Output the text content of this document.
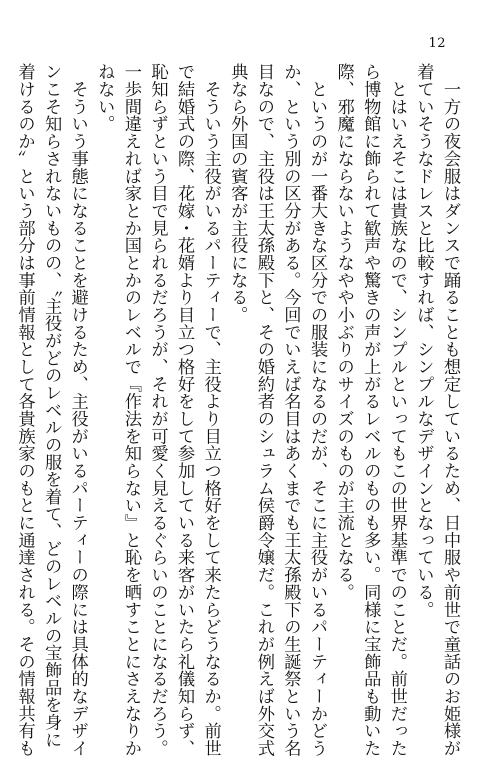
12
　一方の夜会服はダンスで踊ることも想定しているため、日中服や前世で童話のお姫様が
着ていそうなドレスと比較すれば、シンプルなデザインとなっている。
　とはいえそこは貴族なので、シンプルといってもこの世界基準でのことだ。前世だった
ら博物館に飾られて歓声や驚きの声が上がるレベルのものも多い。同様に宝飾品も動いた
際、邪魔にならないようなやや小ぶりのサイズのものが主流となる。
　というのが一番大きな区分での服装になるのだが、そこに主役がいるパーティーかどう
か、という別の区分がある。今回でいえば名目はあくまでも王太孫殿下の生誕祭という名
目なので、主役は王太孫殿下と、その婚約者のシュラム侯爵令嬢だ。これが例えば外交式
典なら外国の賓客が主役になる。
　そういう主役がいるパーティーで、主役より目立つ格好をして来たらどうなるか。前世
で結婚式の際、花嫁・花婿より目立つ格好をして参加している来客がいたら礼儀知らず、
恥知らずという目で見られるだろうが、それが可愛く見えるぐらいのことになるだろう。
一歩間違えれば家とか国とかのレベルで『作法を知らない』と恥を晒すことにさえなりか
ねない。
　そういう事態になることを避けるため、主役がいるパーティーの際には具体的なデザイ
ンこそ知らされないものの、〝主役がどのレベルの服を着て、どのレベルの宝飾品を身に
着けるのか〟という部分は事前情報として各貴族家のもとに通達される。その情報共有も
